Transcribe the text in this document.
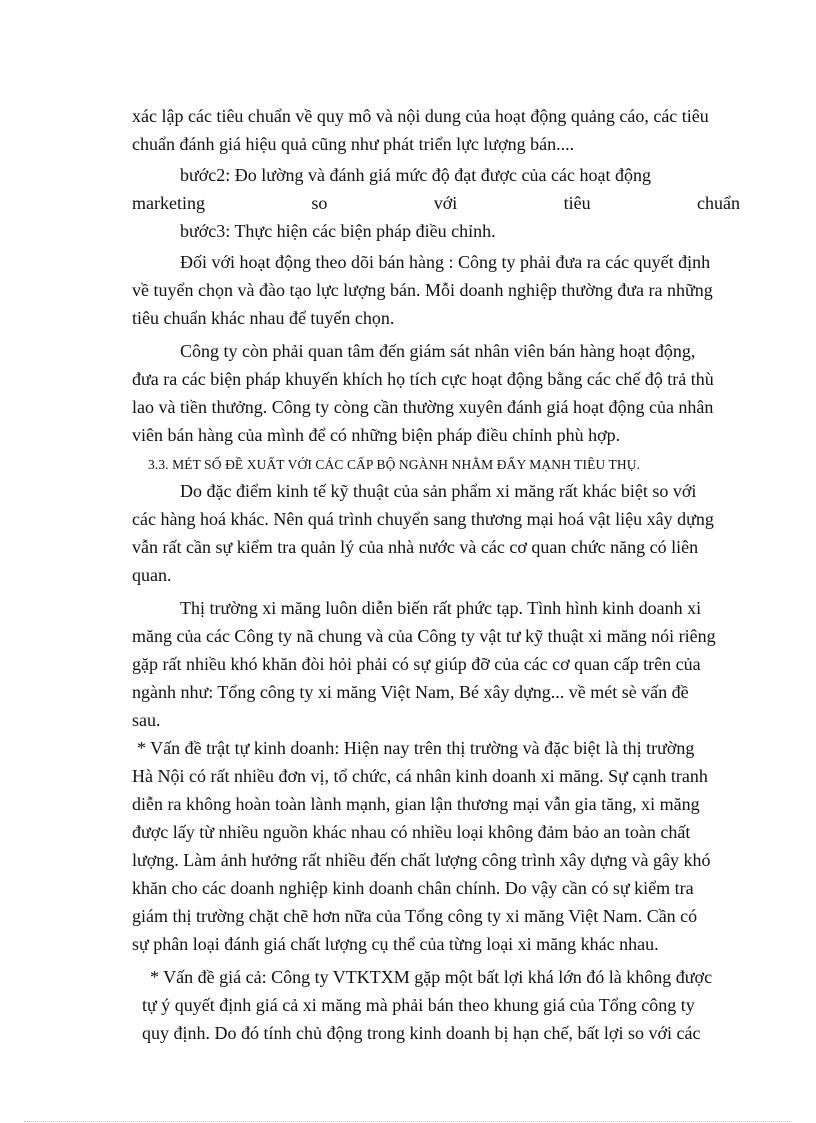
xác lập các tiêu chuẩn về quy mô và nội dung của hoạt động quảng cáo, các tiêu
chuẩn đánh giá hiệu quả cũng như phát triển lực lượng bán....

bước2: Đo lường và đánh giá mức độ đạt được của các hoạt động
marketing	so	với	tiêu	chuẩn

bước3: Thực hiện các biện pháp điều chỉnh.

Đối với hoạt động theo dõi bán hàng : Công ty phải đưa ra các quyết định
về tuyển chọn và đào tạo lực lượng bán. Mỗi doanh nghiệp thường đưa ra những
tiêu chuẩn khác nhau để tuyển chọn.

Công ty còn phải quan tâm đến giám sát nhân viên bán hàng hoạt động,
đưa ra các biện pháp khuyến khích họ tích cực hoạt động bằng các chế độ trả thù
lao và tiền thưởng. Công ty còng cần thường xuyên đánh giá hoạt động của nhân
viên bán hàng của mình để có những biện pháp điều chỉnh phù hợp.

3.3. MÉT SỐ ĐỀ XUẤT VỚI CÁC CẤP BỘ NGÀNH NHẰM ĐẨY MẠNH TIÊU THỤ.

Do đặc điểm kinh tế kỹ thuật của sản phẩm xi măng rất khác biệt so với
các hàng hoá khác. Nên quá trình chuyển sang thương mại hoá vật liệu xây dựng
vẫn rất cần sự kiểm tra quản lý của nhà nước và các cơ quan chức năng có liên
quan.

Thị trường xi măng luôn diễn biến rất phức tạp. Tình hình kinh doanh xi
măng của các Công ty nã chung và của Công ty vật tư kỹ thuật xi măng nói riêng
gặp rất nhiều khó khăn đòi hỏi phải có sự giúp đỡ của các cơ quan cấp trên của
ngành như: Tổng công ty xi măng Việt Nam, Bé xây dựng... về mét sè vấn đề
sau.

* Vấn đề trật tự kinh doanh: Hiện nay trên thị trường và đặc biệt là thị trường
Hà Nội có rất nhiều đơn vị, tổ chức, cá nhân kinh doanh xi măng. Sự cạnh tranh
diễn ra không hoàn toàn lành mạnh, gian lận thương mại vẫn gia tăng, xi măng
được lấy từ nhiều nguồn khác nhau có nhiều loại không đảm bảo an toàn chất
lượng. Làm ảnh hưởng rất nhiều đến chất lượng công trình xây dựng và gây khó
khăn cho các doanh nghiệp kinh doanh chân chính. Do vậy cần có sự kiểm tra
giám thị trường chặt chẽ hơn nữa của Tổng công ty xi măng Việt Nam. Cần có
sự phân loại đánh giá chất lượng cụ thể của từng loại xi măng khác nhau.

* Vấn đề giá cả: Công ty VTKTXM gặp một bất lợi khá lớn đó là không được
tự ý quyết định giá cả xi măng mà phải bán theo khung giá của Tổng công ty
quy định. Do đó tính chủ động trong kinh doanh bị hạn chế, bất lợi so với các
